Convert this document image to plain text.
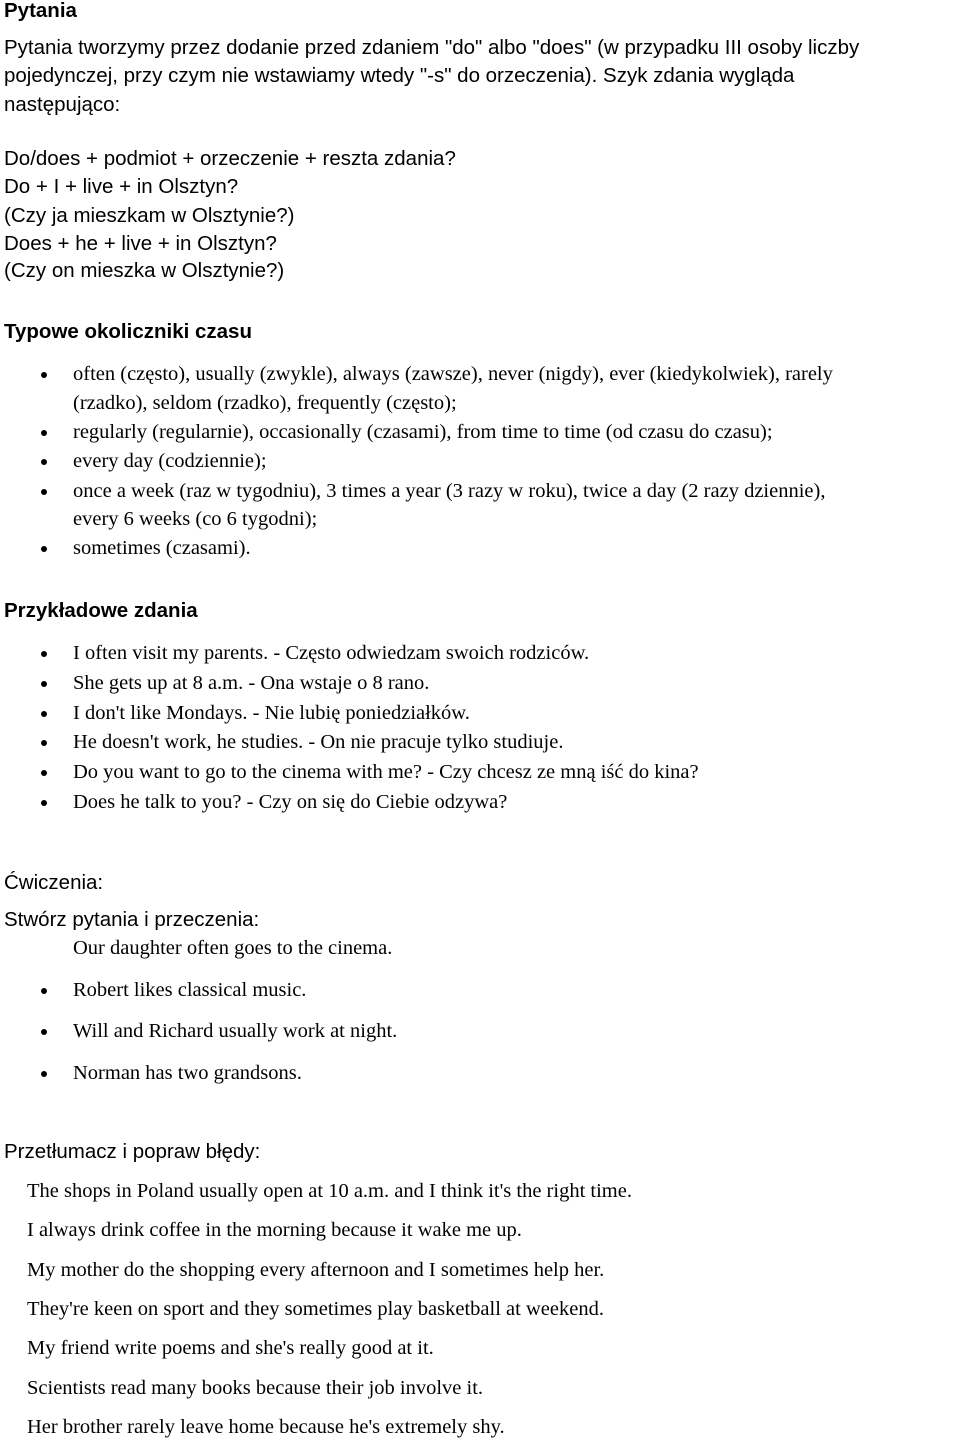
Pytania
Pytania tworzymy przez dodanie przed zdaniem "do" albo "does" (w przypadku III osoby liczby
pojedynczej, przy czym nie wstawiamy wtedy "-s" do orzeczenia). Szyk zdania wygląda
następująco:
Do/does + podmiot + orzeczenie + reszta zdania?
Do + I + live + in Olsztyn?
(Czy ja mieszkam w Olsztynie?)
Does + he + live + in Olsztyn?
(Czy on mieszka w Olsztynie?)
Typowe okoliczniki czasu
often (często), usually (zwykle), always (zawsze), never (nigdy), ever (kiedykolwiek), rarely
(rzadko), seldom (rzadko), frequently (często);
regularly (regularnie), occasionally (czasami), from time to time (od czasu do czasu);
every day (codziennie);
once a week (raz w tygodniu), 3 times a year (3 razy w roku), twice a day (2 razy dziennie),
every 6 weeks (co 6 tygodni);
sometimes (czasami).
Przykładowe zdania
I often visit my parents. - Często odwiedzam swoich rodziców.
She gets up at 8 a.m. - Ona wstaje o 8 rano.
I don't like Mondays. - Nie lubię poniedziałków.
He doesn't work, he studies. - On nie pracuje tylko studiuje.
Do you want to go to the cinema with me? - Czy chcesz ze mną iść do kina?
Does he talk to you? - Czy on się do Ciebie odzywa?
Ćwiczenia:
Stwórz pytania i przeczenia:
Our daughter often goes to the cinema.
Robert likes classical music.
Will and Richard usually work at night.
Norman has two grandsons.
Przetłumacz i popraw błędy:
The shops in Poland usually open at 10 a.m. and I think it's the right time.
I always drink coffee in the morning because it wake me up.
My mother do the shopping every afternoon and I sometimes help her.
They're keen on sport and they sometimes play basketball at weekend.
My friend write poems and she's really good at it.
Scientists read many books because their job involve it.
Her brother rarely leave home because he's extremely shy.
